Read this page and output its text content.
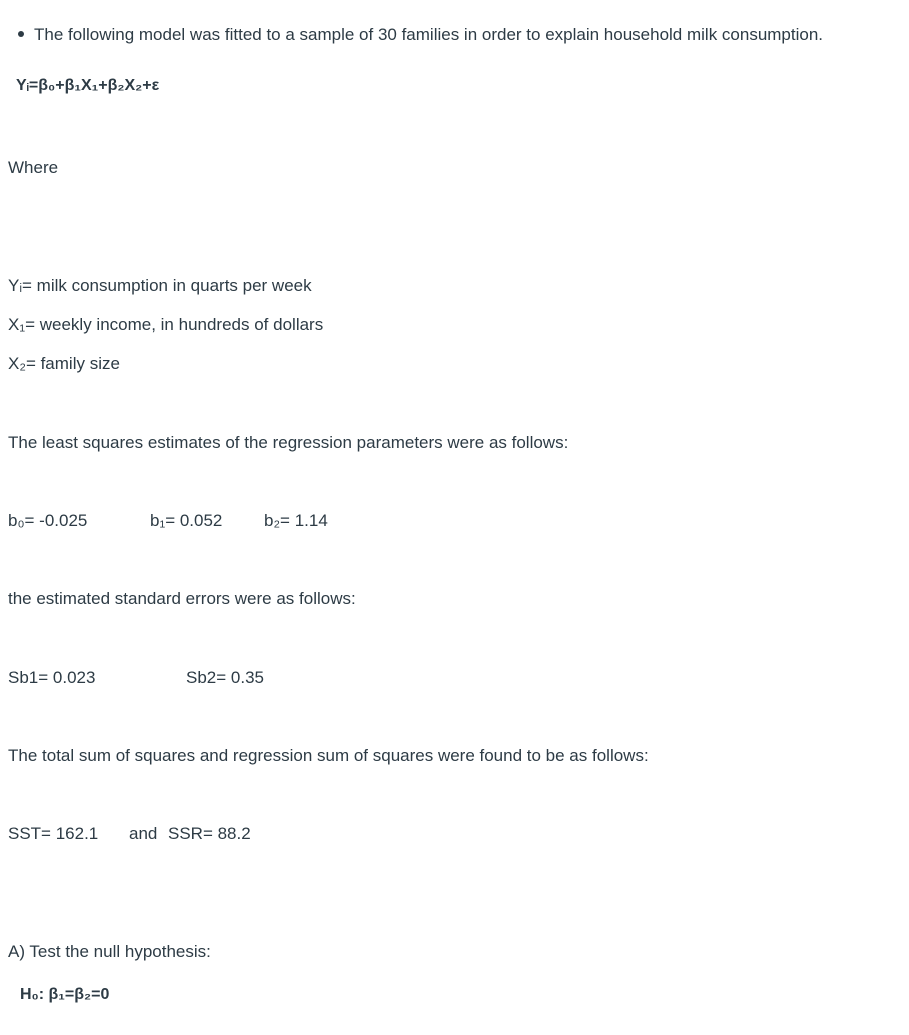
The following model was fitted to a sample of 30 families in order to explain household milk consumption.
Yᵢ=β₀+β₁X₁+β₂X₂+ε
Where
Yᵢ= milk consumption in quarts per week
X₁= weekly income, in hundreds of dollars
X₂= family size
The least squares estimates of the regression parameters were as follows:
b₀= -0.025	b₁= 0.052 b₂= 1.14
the estimated standard errors were as follows:
Sb1= 0.023	Sb2= 0.35
The total sum of squares and regression sum of squares were found to be as follows:
SST= 162.1 and SSR= 88.2
A) Test the null hypothesis:
H₀: β₁=β₂=0
